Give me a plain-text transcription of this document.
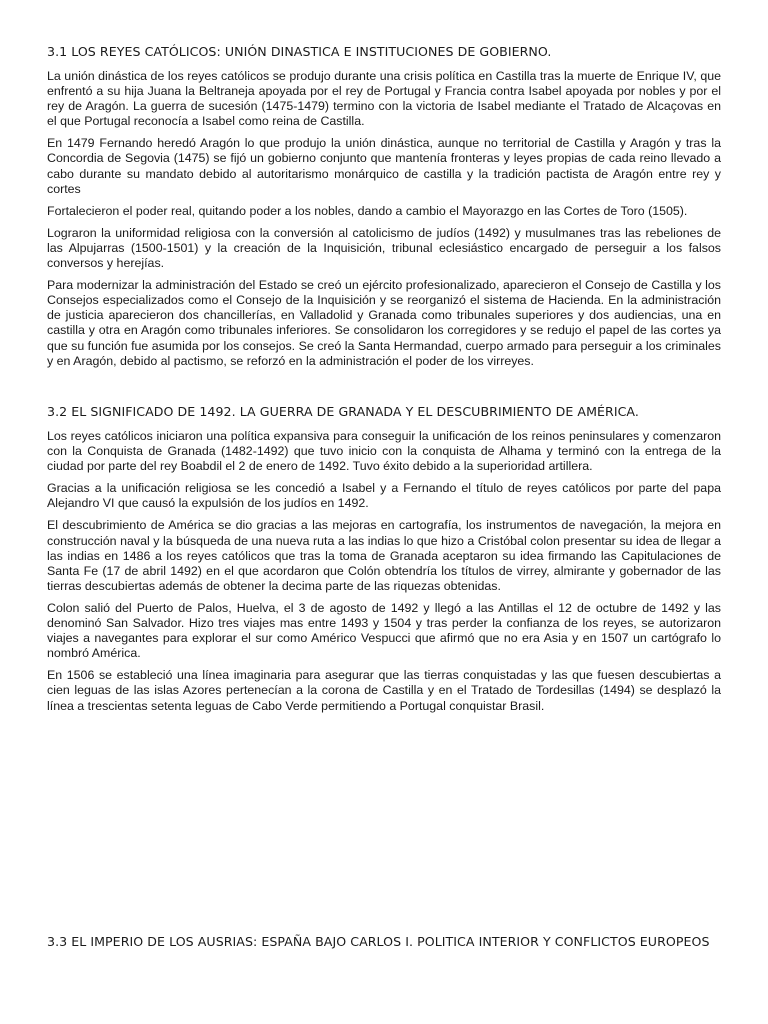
3.1 LOS REYES CATÓLICOS: UNIÓN DINASTICA E INSTITUCIONES DE GOBIERNO.

La unión dinástica de los reyes católicos se produjo durante una crisis política en Castilla tras la muerte de Enrique IV, que enfrentó a su hija Juana la Beltraneja apoyada por el rey de Portugal y Francia contra Isabel apoyada por nobles y por el rey de Aragón. La guerra de sucesión (1475-1479) termino con la victoria de Isabel mediante el Tratado de Alcaçovas en el que Portugal reconocía a Isabel como reina de Castilla.

En 1479 Fernando heredó Aragón lo que produjo la unión dinástica, aunque no territorial de Castilla y Aragón y tras la Concordia de Segovia (1475) se fijó un gobierno conjunto que mantenía fronteras y leyes propias de cada reino llevado a cabo durante su mandato debido al autoritarismo monárquico de castilla y la tradición pactista de Aragón entre rey y cortes

Fortalecieron el poder real, quitando poder a los nobles, dando a cambio el Mayorazgo en las Cortes de Toro (1505).

Lograron la uniformidad religiosa con la conversión al catolicismo de judíos (1492) y musulmanes tras las rebeliones de las Alpujarras (1500-1501) y la creación de la Inquisición, tribunal eclesiástico encargado de perseguir a los falsos conversos y herejías.

Para modernizar la administración del Estado se creó un ejército profesionalizado, aparecieron el Consejo de Castilla y los Consejos especializados como el Consejo de la Inquisición y se reorganizó el sistema de Hacienda. En la administración de justicia aparecieron dos chancillerías, en Valladolid y Granada como tribunales superiores y dos audiencias, una en castilla y otra en Aragón como tribunales inferiores. Se consolidaron los corregidores y se redujo el papel de las cortes ya que su función fue asumida por los consejos. Se creó la Santa Hermandad, cuerpo armado para perseguir a los criminales y en Aragón, debido al pactismo, se reforzó en la administración el poder de los virreyes.

3.2 EL SIGNIFICADO DE 1492. LA GUERRA DE GRANADA Y EL DESCUBRIMIENTO DE AMÉRICA.

Los reyes católicos iniciaron una política expansiva para conseguir la unificación de los reinos peninsulares y comenzaron con la Conquista de Granada (1482-1492) que tuvo inicio con la conquista de Alhama y terminó con la entrega de la ciudad por parte del rey Boabdil el 2 de enero de 1492. Tuvo éxito debido a la superioridad artillera.

Gracias a la unificación religiosa se les concedió a Isabel y a Fernando el título de reyes católicos por parte del papa Alejandro VI que causó la expulsión de los judíos en 1492.

El descubrimiento de América se dio gracias a las mejoras en cartografía, los instrumentos de navegación, la mejora en construcción naval y la búsqueda de una nueva ruta a las indias lo que hizo a Cristóbal colon presentar su idea de llegar a las indias en 1486 a los reyes católicos que tras la toma de Granada aceptaron su idea firmando las Capitulaciones de Santa Fe (17 de abril 1492) en el que acordaron que Colón obtendría los títulos de virrey, almirante y gobernador de las tierras descubiertas además de obtener la decima parte de las riquezas obtenidas.

Colon salió del Puerto de Palos, Huelva, el 3 de agosto de 1492 y llegó a las Antillas el 12 de octubre de 1492 y las denominó San Salvador. Hizo tres viajes mas entre 1493 y 1504 y tras perder la confianza de los reyes, se autorizaron viajes a navegantes para explorar el sur como Américo Vespucci que afirmó que no era Asia y en 1507 un cartógrafo lo nombró América.

En 1506 se estableció una línea imaginaria para asegurar que las tierras conquistadas y las que fuesen descubiertas a cien leguas de las islas Azores pertenecían a la corona de Castilla y en el Tratado de Tordesillas (1494) se desplazó la línea a trescientas setenta leguas de Cabo Verde permitiendo a Portugal conquistar Brasil.

3.3 EL IMPERIO DE LOS AUSRIAS: ESPAÑA BAJO CARLOS I. POLITICA INTERIOR Y CONFLICTOS EUROPEOS
